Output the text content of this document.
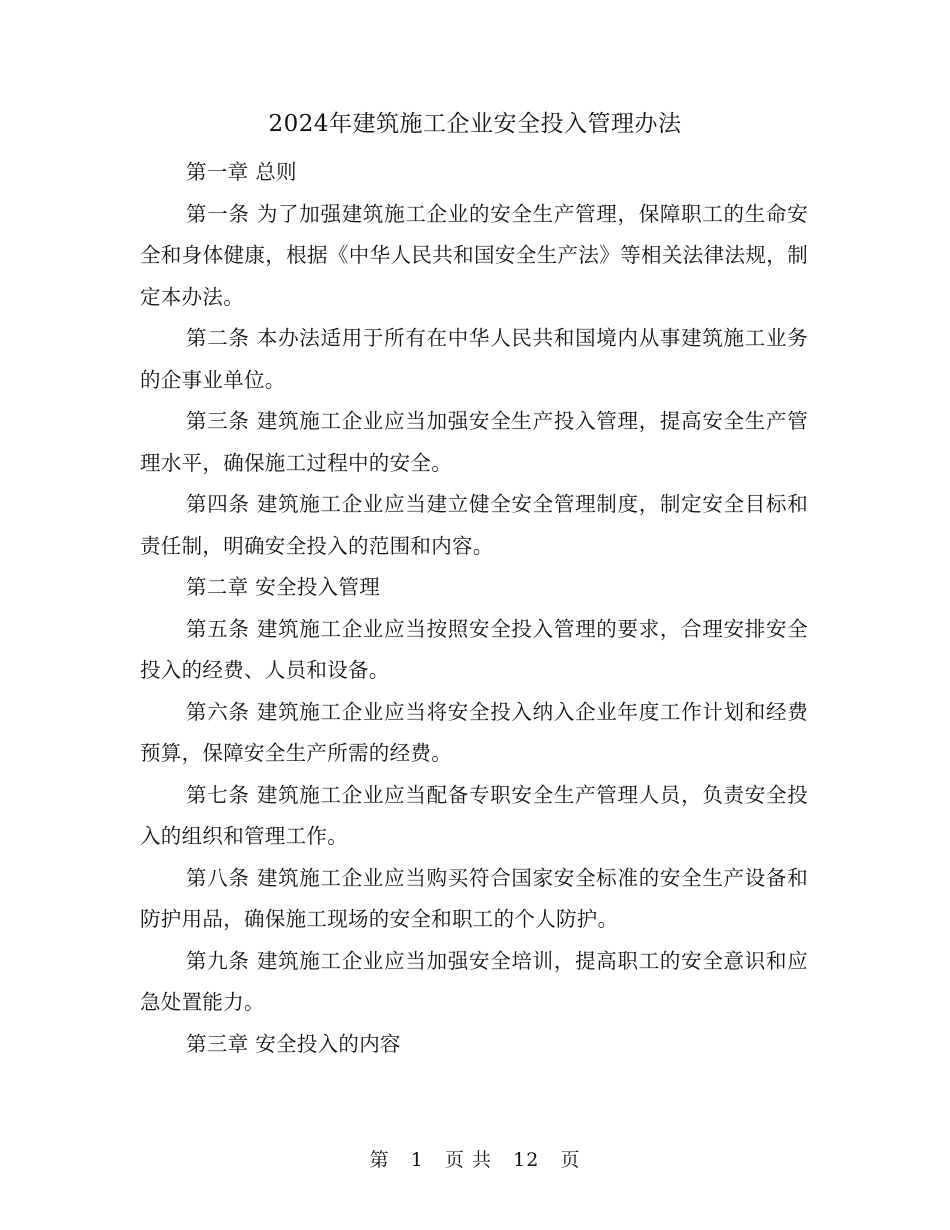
2024年建筑施工企业安全投入管理办法

第一章 总则

第一条 为了加强建筑施工企业的安全生产管理，保障职工的生命安全和身体健康，根据《中华人民共和国安全生产法》等相关法律法规，制定本办法。

第二条 本办法适用于所有在中华人民共和国境内从事建筑施工业务的企事业单位。

第三条 建筑施工企业应当加强安全生产投入管理，提高安全生产管理水平，确保施工过程中的安全。

第四条 建筑施工企业应当建立健全安全管理制度，制定安全目标和责任制，明确安全投入的范围和内容。

第二章 安全投入管理

第五条 建筑施工企业应当按照安全投入管理的要求，合理安排安全投入的经费、人员和设备。

第六条 建筑施工企业应当将安全投入纳入企业年度工作计划和经费预算，保障安全生产所需的经费。

第七条 建筑施工企业应当配备专职安全生产管理人员，负责安全投入的组织和管理工作。

第八条 建筑施工企业应当购买符合国家安全标准的安全生产设备和防护用品，确保施工现场的安全和职工的个人防护。

第九条 建筑施工企业应当加强安全培训，提高职工的安全意识和应急处置能力。

第三章 安全投入的内容

第 1 页 共 12 页
